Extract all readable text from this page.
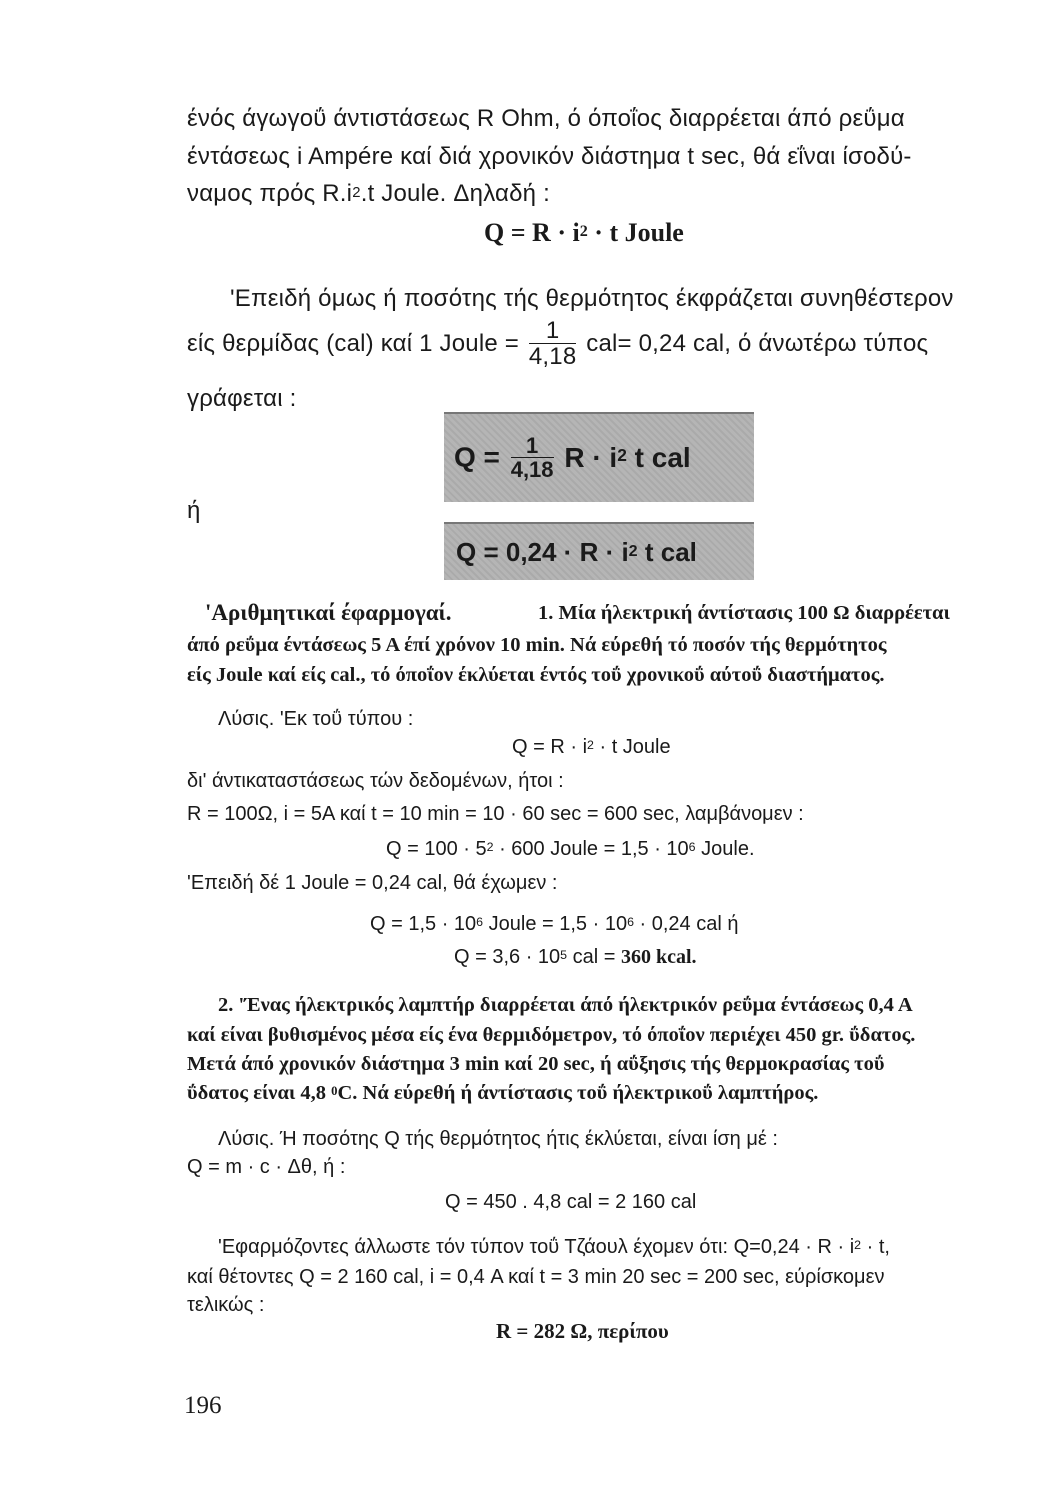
ένός άγωγοΰ άντιστάσεως R Ohm, ό όποΐος διαρρέεται άπό ρεΰμα
έντάσεως i Ampére καί διά χρονικόν διάστημα t sec, θά εΐναι ίσοδύ-
ναμος πρός $R.i^2.t$ Joule. Δηλαδή :
$Q = R \cdot i^2 \cdot t$ Joule
'Επειδή όμως ή ποσότης τής θερμότητος έκφράζεται συνηθέστερον
είς θερμίδας (cal) καί 1 Joule = $\frac{1}{4,18} cal= 0,24$ cal, ό άνωτέρω τύπος
γράφεται :
$Q = \frac{1}{4,18}$ $R \cdot i^2$ t cal
ή
$Q = 0,24 \cdot R \cdot i^2$ t cal
'Αριθμητικαί έφαρμογαί.	1. Μία ήλεκτρική άντίστασις 100 Ω διαρρέεται
άπό ρεΰμα έντάσεως 5 Α έπί χρόνον 10 min. Νά εύρεθή τό ποσόν τής θερμότητος
είς Joule καί είς cal., τό όποΐον έκλύεται έντός τοΰ χρονικοΰ αύτοΰ διαστήματος.
Λύσις. 'Εκ τοΰ τύπου :
$Q = R \cdot i^2 \cdot t$ Joule
δι' άντικαταστάσεως τών δεδομένων, ήτοι :
R = 100Ω, i = 5A καί t = 10 min = 10 · 60 sec = 600 sec, λαμβάνομεν :
$Q = 100 \cdot 5^2 \cdot 600$ Joule = $1,5 \cdot 10^6$ Joule.
'Επειδή δέ 1 Joule = 0,24 cal, θά έχωμεν :
$Q = 1,5 \cdot 10^6$ Joule = $1,5 \cdot 10^6 \cdot 0,24$ cal ή
$Q = 3,6 \cdot 10^5$ cal = 360 kcal.
2. 'Ένας ήλεκτρικός λαμπτήρ διαρρέεται άπό ήλεκτρικόν ρεΰμα έντάσεως 0,4 Α
καί είναι βυθισμένος μέσα είς ένα θερμιδόμετρον, τό όποΐον περιέχει 450 gr. ΰδατος.
Μετά άπό χρονικόν διάστημα 3 min καί 20 sec, ή αΰξησις τής θερμοκρασίας τοΰ
ΰδατος είναι 4,8 $^0$C. Νά εύρεθή ή άντίστασις τοΰ ήλεκτρικοΰ λαμπτήρος.
Λύσις. Ή ποσότης Q τής θερμότητος ήτις έκλύεται, είναι ίση μέ :
Q = m · c · Δθ, ή :
Q = 450 . 4,8 cal = 2 160 cal
'Εφαρμόζοντες άλλωστε τόν τύπον τοΰ Τζάουλ έχομεν ότι: $Q=0,24 \cdot R \cdot i^2 \cdot t$,
καί θέτοντες Q = 2 160 cal, i = 0,4 Α καί t = 3 min 20 sec = 200 sec, εύρίσκομεν
τελικώς :
R = 282 Ω, περίπου
196
